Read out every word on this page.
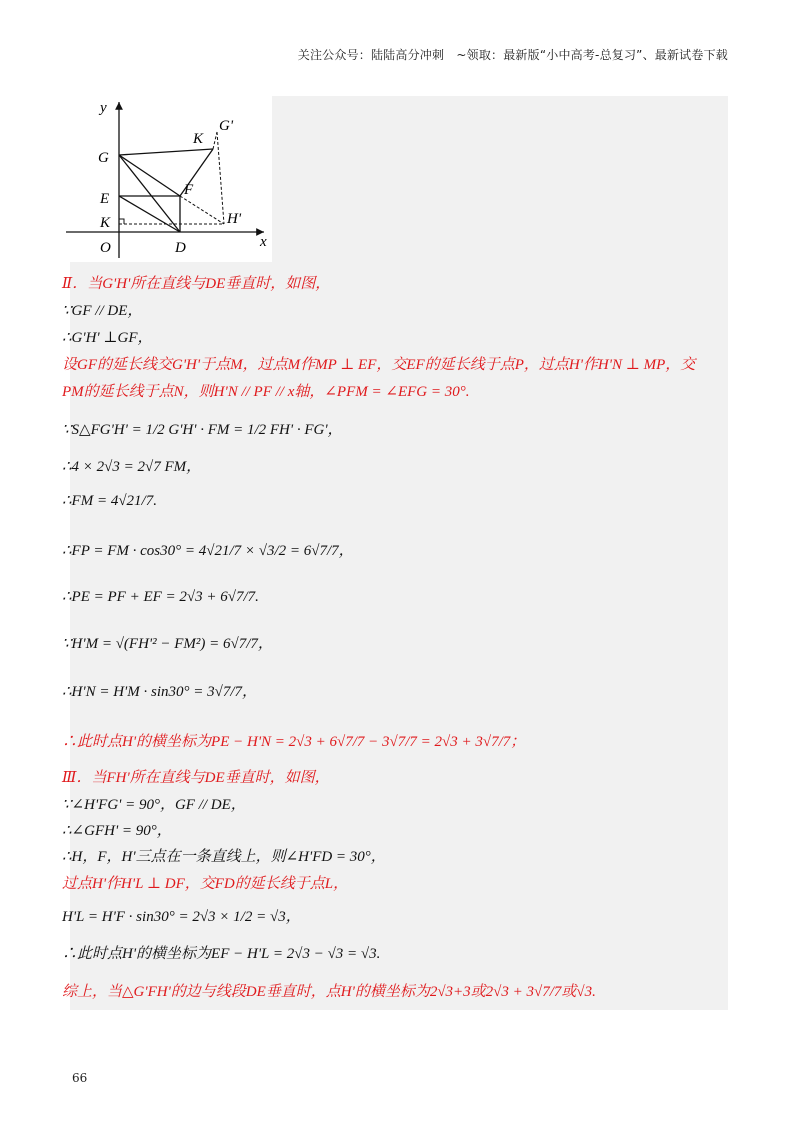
关注公众号：陆陆高分冲刺　~领取：最新版“小中高考-总复习”、最新试卷下载
y
x
O	D
K
E
G
F
K
G'
H'
Ⅱ．当G'H'所在直线与DE垂直时，如图，
∵GF // DE，
∴G'H' ⊥GF，
设GF的延长线交G'H'于点M，过点M作MP ⊥ EF，交EF的延长线于点P，过点H'作H'N ⊥ MP，交
PM的延长线于点N，则H'N // PF // x轴，∠PFM = ∠EFG = 30°.
∵S△FG'H' = 1/2 G'H' · FM = 1/2 FH' · FG'，
∴4 × 2√3 = 2√7 FM，
∴FM = 4√21/7.
∴FP = FM · cos30° = 4√21/7 × √3/2 = 6√7/7，
∴PE = PF + EF = 2√3 + 6√7/7.
∵H'M = √(FH'² − FM²) = 6√7/7，
∴H'N = H'M · sin30° = 3√7/7，
∴此时点H'的横坐标为PE − H'N = 2√3 + 6√7/7 − 3√7/7 = 2√3 + 3√7/7；
Ⅲ．当FH'所在直线与DE垂直时，如图，
∵∠H'FG' = 90°，GF // DE，
∴∠GFH' = 90°，
∴H，F，H'三点在一条直线上，则∠H'FD = 30°，
过点H'作H'L ⊥ DF，交FD的延长线于点L，
H'L = H'F · sin30° = 2√3 × 1/2 = √3，
∴此时点H'的横坐标为EF − H'L = 2√3 − √3 = √3.
综上，当△G'FH'的边与线段DE垂直时，点H'的横坐标为2√3+3或2√3 + 3√7/7或√3.
66
